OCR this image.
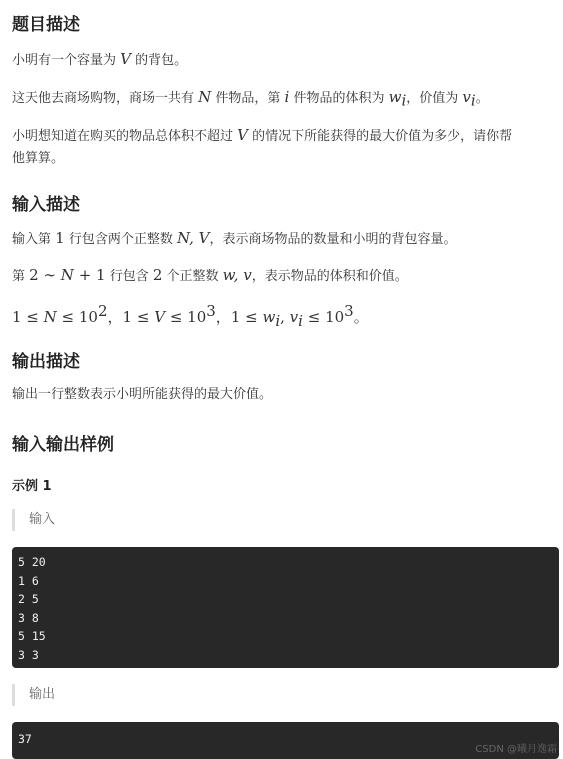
题目描述

小明有一个容量为 V 的背包。

这天他去商场购物，商场一共有 N 件物品，第 i 件物品的体积为 $w_i$，价值为 $v_i$。

小明想知道在购买的物品总体积不超过 V 的情况下所能获得的最大价值为多少，请你帮
他算算。

输入描述

输入第 1 行包含两个正整数 N, V，表示商场物品的数量和小明的背包容量。

第 2 ∼ N + 1 行包含 2 个正整数 w, v，表示物品的体积和价值。

$1 \le N \le 10^2$，$1 \le V \le 10^3$，$1 \le w_i$, $v_i \le 10^3$。

输出描述

输出一行整数表示小明所能获得的最大价值。

输入输出样例
示例 1
输入
5 20
1 6
2 5
3 8
5 15
3 3
输出
37
CSDN @曦月逸霜
